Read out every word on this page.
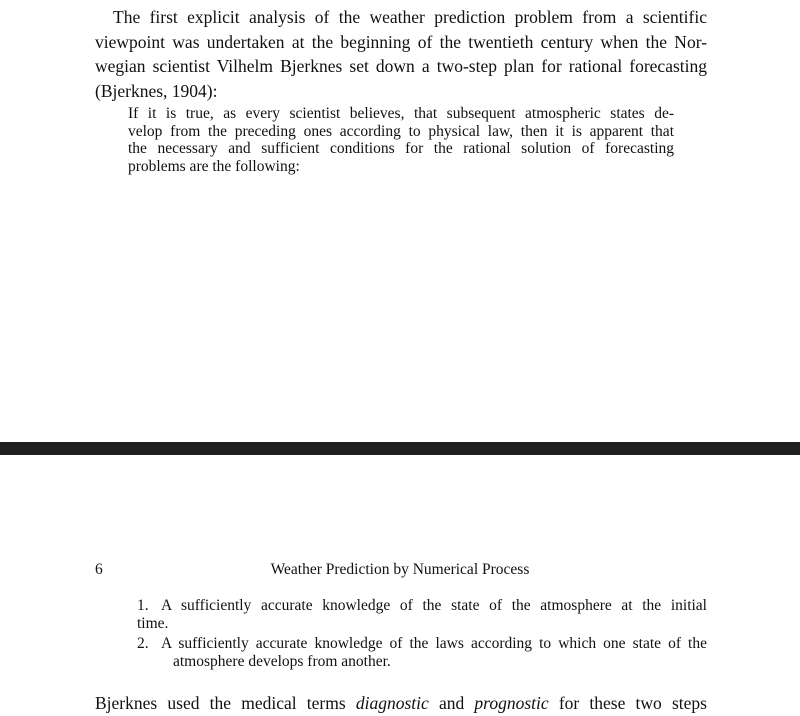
The first explicit analysis of the weather prediction problem from a scientific
viewpoint was undertaken at the beginning of the twentieth century when the Nor-
wegian scientist Vilhelm Bjerknes set down a two-step plan for rational forecasting
(Bjerknes, 1904):
If it is true, as every scientist believes, that subsequent atmospheric states de-
velop from the preceding ones according to physical law, then it is apparent that
the necessary and sufficient conditions for the rational solution of forecasting
problems are the following:
6	Weather Prediction by Numerical Process
1. A sufficiently accurate knowledge of the state of the atmosphere at the initial
time.
2. A sufficiently accurate knowledge of the laws according to which one state of the
atmosphere develops from another.
Bjerknes used the medical terms diagnostic and prognostic for these two steps
